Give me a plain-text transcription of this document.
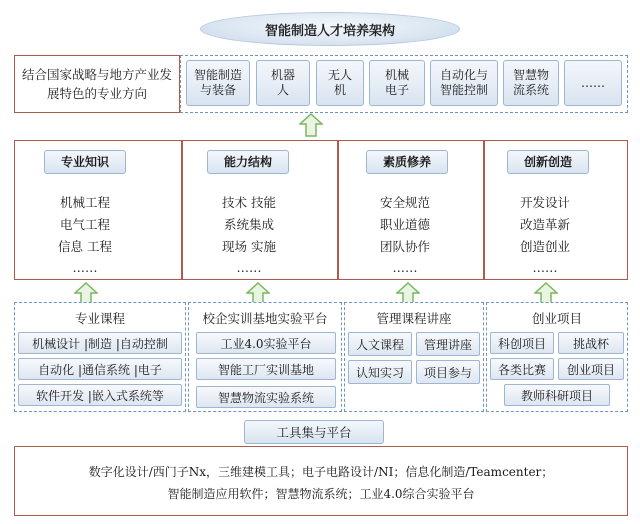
智能制造人才培养架构
结合国家战略与地方产业发展特色的专业方向
智能制造与装备
机器人
无人机
机械电子
自动化与智能控制
智慧物流系统
……
专业知识	能力结构	素质修养	创新创造
机械工程
电气工程
信息 工程
……
技术 技能
系统集成
现场 实施
……
安全规范
职业道德
团队协作
……
开发设计
改造革新
创造创业
……
专业课程
机械设计 |制造 |自动控制
自动化 |通信系统 |电子
软件开发 |嵌入式系统等
校企实训基地实验平台
工业4.0实验平台
智能工厂实训基地
智慧物流实验系统
管理课程讲座
人文课程 管理讲座
认知实习 项目参与
创业项目
科创项目 挑战杯
各类比赛 创业项目
教师科研项目
工具集与平台
数字化设计/西门子Nx，三维建模工具；电子电路设计/NI；信息化制造/Teamcenter；
智能制造应用软件；智慧物流系统；工业4.0综合实验平台
